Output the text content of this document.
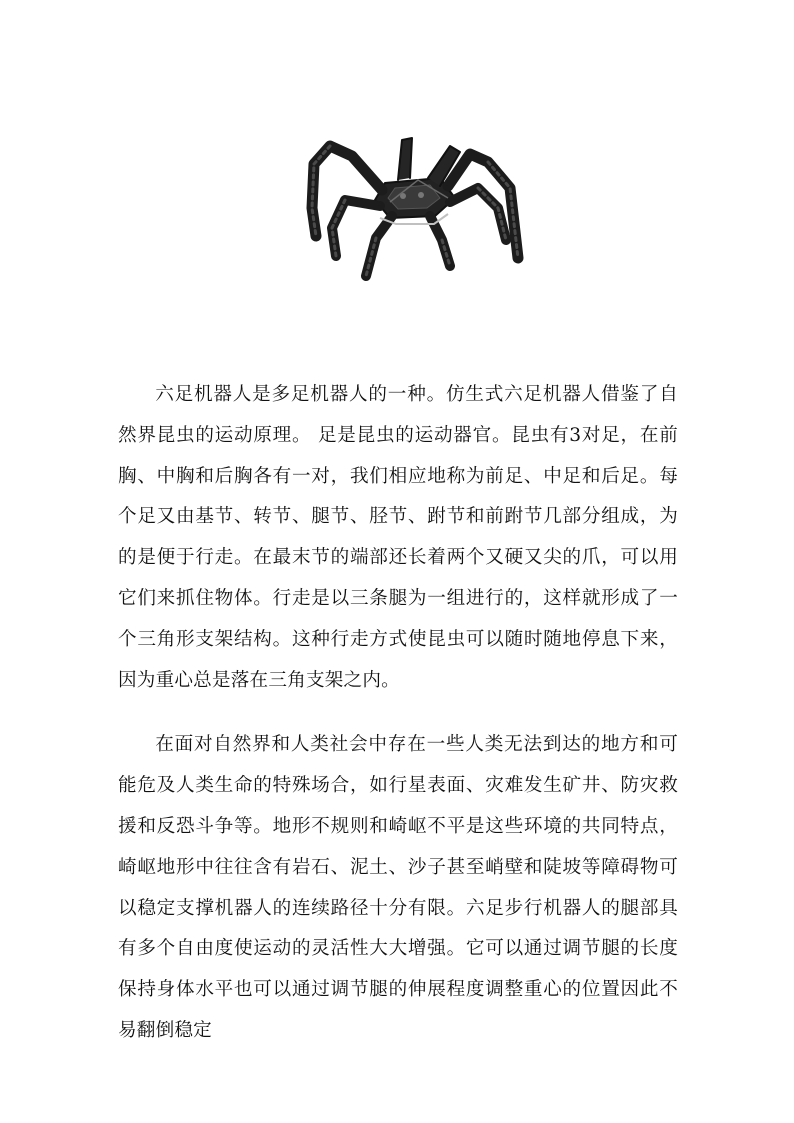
六足机器人是多足机器人的一种。仿生式六足机器人借鉴了自然界昆虫的运动原理。 足是昆虫的运动器官。昆虫有3对足，在前胸、中胸和后胸各有一对，我们相应地称为前足、中足和后足。每个足又由基节、转节、腿节、胫节、跗节和前跗节几部分组成，为的是便于行走。在最末节的端部还长着两个又硬又尖的爪，可以用它们来抓住物体。行走是以三条腿为一组进行的，这样就形成了一个三角形支架结构。这种行走方式使昆虫可以随时随地停息下来，因为重心总是落在三角支架之内。

在面对自然界和人类社会中存在一些人类无法到达的地方和可能危及人类生命的特殊场合，如行星表面、灾难发生矿井、防灾救援和反恐斗争等。地形不规则和崎岖不平是这些环境的共同特点，崎岖地形中往往含有岩石、泥土、沙子甚至峭壁和陡坡等障碍物可以稳定支撑机器人的连续路径十分有限。六足步行机器人的腿部具有多个自由度使运动的灵活性大大增强。它可以通过调节腿的长度保持身体水平也可以通过调节腿的伸展程度调整重心的位置因此不易翻倒稳定
